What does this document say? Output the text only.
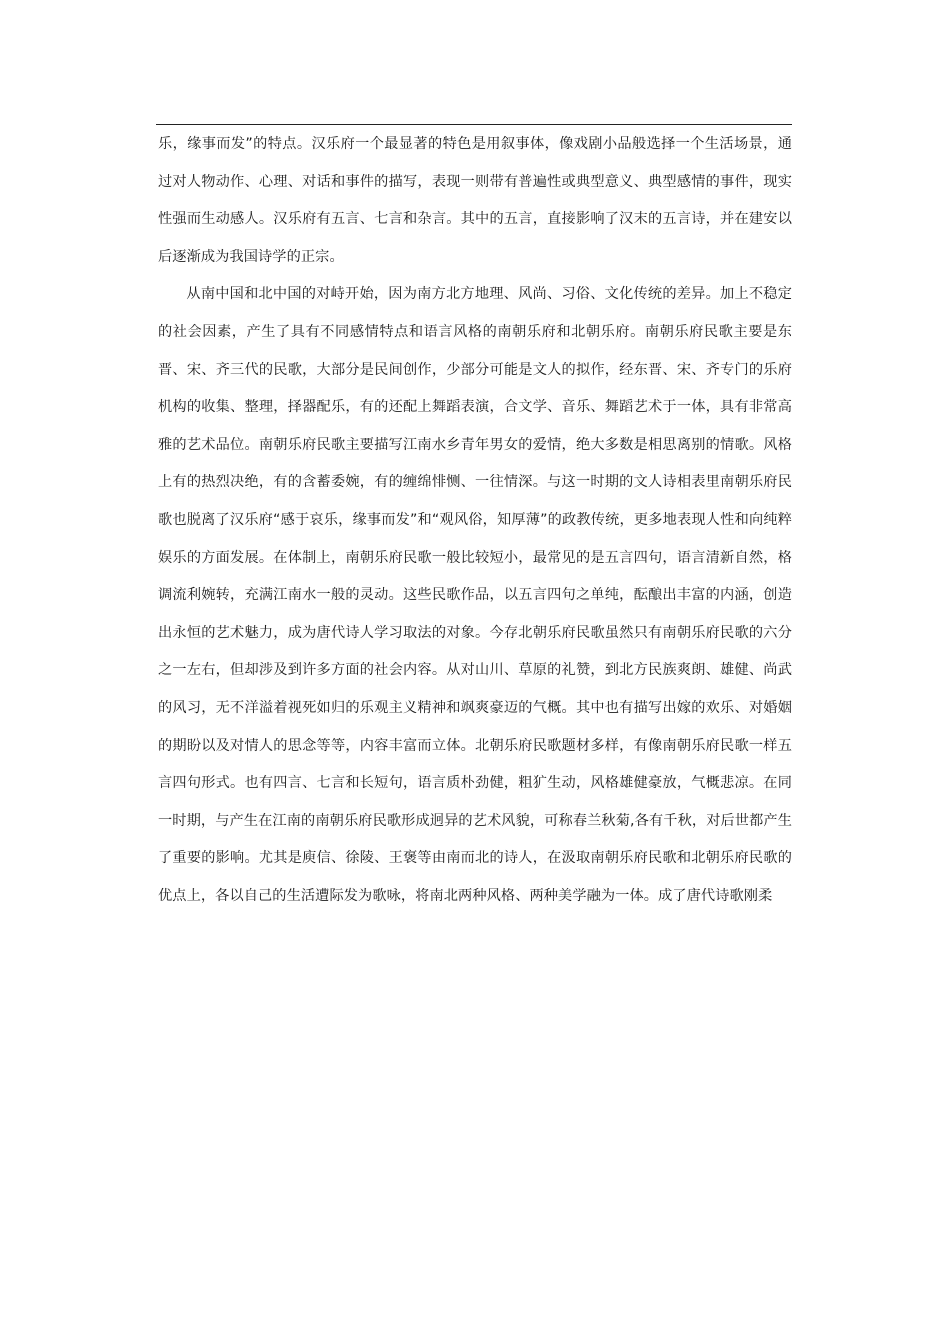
乐，缘事而发”的特点。汉乐府一个最显著的特色是用叙事体，像戏剧小品般选择一个生活场景，通过对人物动作、心理、对话和事件的描写，表现一则带有普遍性或典型意义、典型感情的事件，现实性强而生动感人。汉乐府有五言、七言和杂言。其中的五言，直接影响了汉末的五言诗，并在建安以后逐渐成为我国诗学的正宗。

从南中国和北中国的对峙开始，因为南方北方地理、风尚、习俗、文化传统的差异。加上不稳定的社会因素，产生了具有不同感情特点和语言风格的南朝乐府和北朝乐府。南朝乐府民歌主要是东晋、宋、齐三代的民歌，大部分是民间创作，少部分可能是文人的拟作，经东晋、宋、齐专门的乐府机构的收集、整理，择器配乐，有的还配上舞蹈表演，合文学、音乐、舞蹈艺术于一体，具有非常高雅的艺术品位。南朝乐府民歌主要描写江南水乡青年男女的爱情，绝大多数是相思离别的情歌。风格上有的热烈决绝，有的含蓄委婉，有的缠绵悱恻、一往情深。与这一时期的文人诗相表里南朝乐府民歌也脱离了汉乐府“感于哀乐，缘事而发”和“观风俗，知厚薄”的政教传统，更多地表现人性和向纯粹娱乐的方面发展。在体制上，南朝乐府民歌一般比较短小，最常见的是五言四句，语言清新自然，格调流利婉转，充满江南水一般的灵动。这些民歌作品，以五言四句之单纯，酝酿出丰富的内涵，创造出永恒的艺术魅力，成为唐代诗人学习取法的对象。今存北朝乐府民歌虽然只有南朝乐府民歌的六分之一左右，但却涉及到许多方面的社会内容。从对山川、草原的礼赞，到北方民族爽朗、雄健、尚武的风习，无不洋溢着视死如归的乐观主义精神和飒爽豪迈的气概。其中也有描写出嫁的欢乐、对婚姻的期盼以及对情人的思念等等，内容丰富而立体。北朝乐府民歌题材多样，有像南朝乐府民歌一样五言四句形式。也有四言、七言和长短句，语言质朴劲健，粗犷生动，风格雄健豪放，气概悲凉。在同一时期，与产生在江南的南朝乐府民歌形成迥异的艺术风貌，可称春兰秋菊,各有千秋，对后世都产生了重要的影响。尤其是庾信、徐陵、王褒等由南而北的诗人，在汲取南朝乐府民歌和北朝乐府民歌的优点上，各以自己的生活遭际发为歌咏，将南北两种风格、两种美学融为一体。成了唐代诗歌刚柔
